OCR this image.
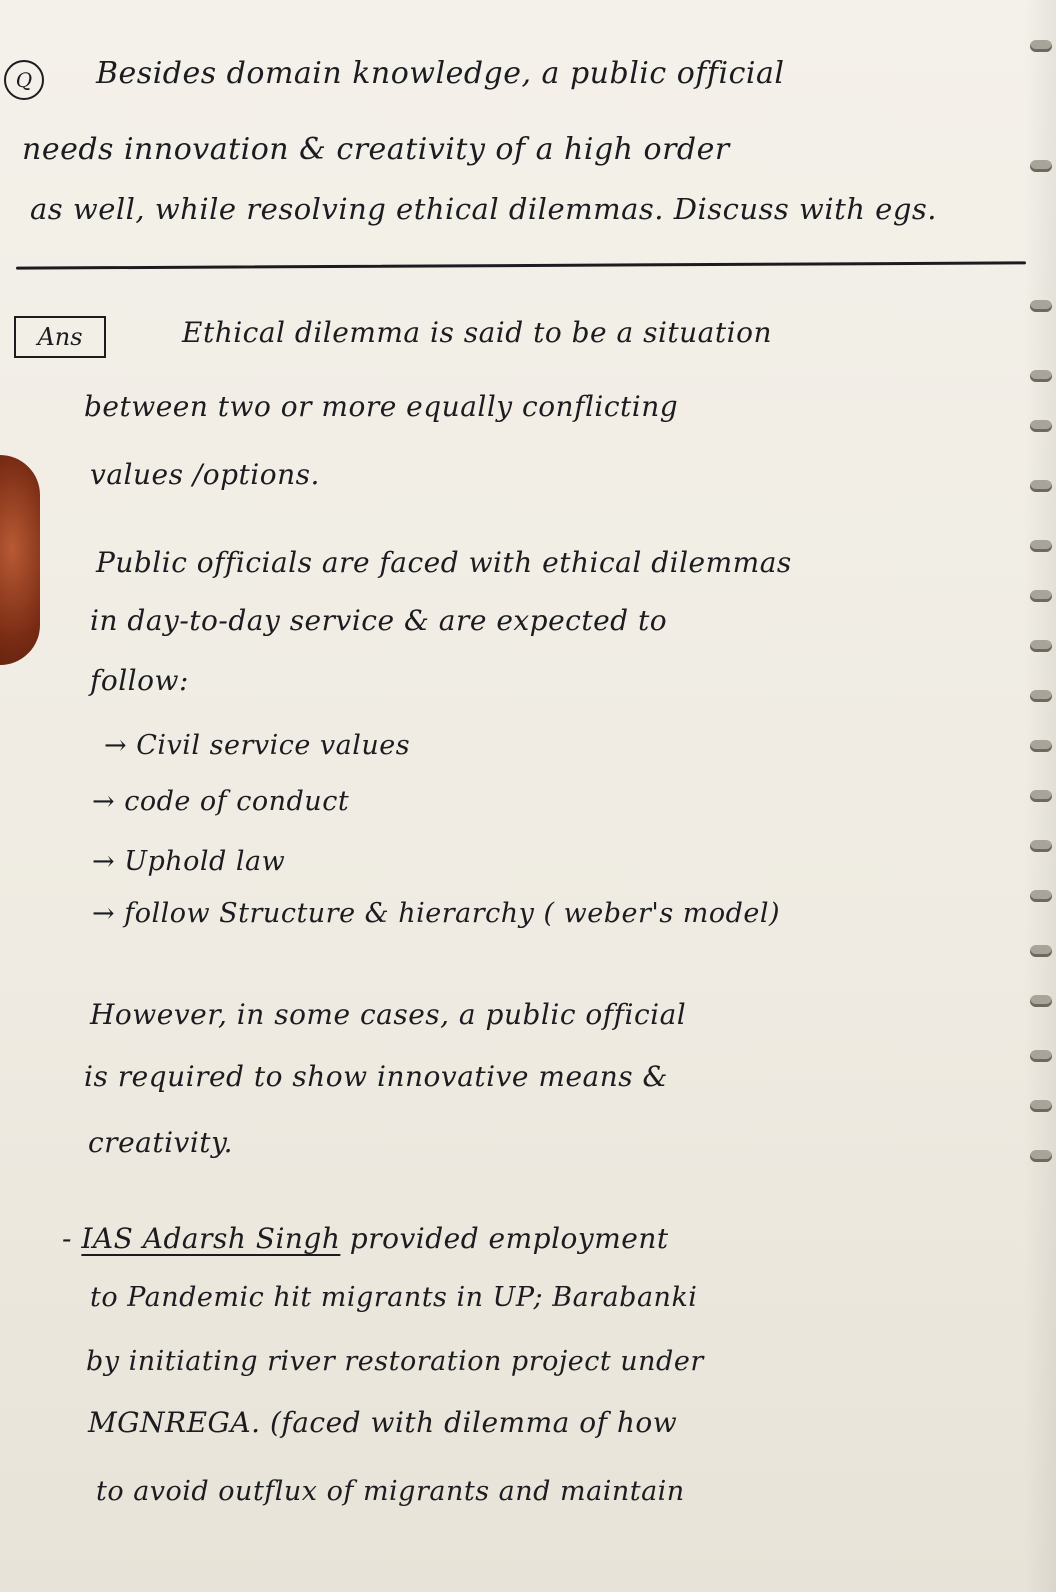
Q	Besides domain knowledge, a public official

needs innovation & creativity of a high order

as well, while resolving ethical dilemmas. Discuss with egs.

Ans	Ethical dilemma is said to be a situation

between two or more equally conflicting

values /options.

Public officials are faced with ethical dilemmas

in day-to-day service & are expected to

follow:

→ Civil service values

→ code of conduct

→ Uphold law

→ follow Structure & hierarchy ( weber's model)

However, in some cases, a public official

is required to show innovative means &

creativity.

- IAS Adarsh Singh provided employment

to Pandemic hit migrants in UP; Barabanki

by initiating river restoration project under

MGNREGA. (faced with dilemma of how

to avoid outflux of migrants and maintain
